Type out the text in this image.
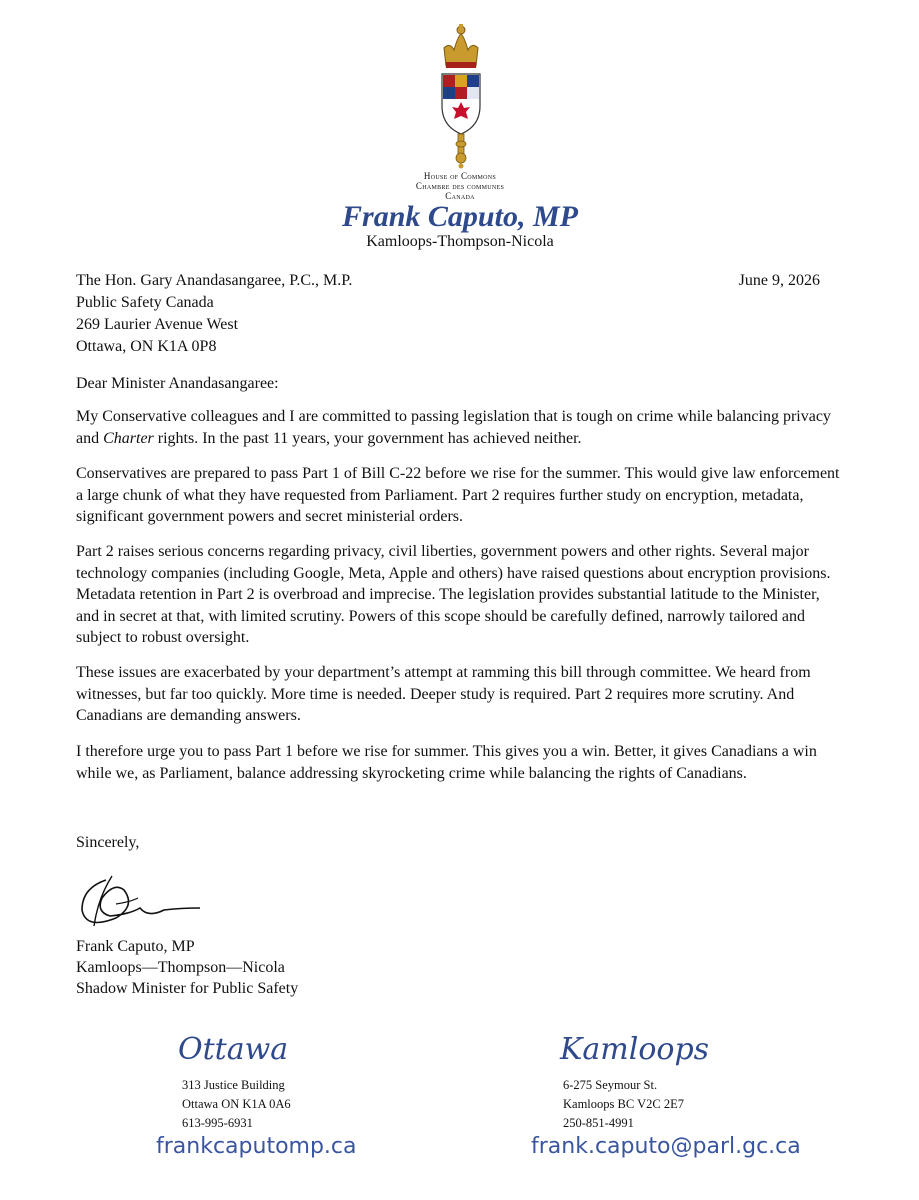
House of Commons
Chambre des communes
Canada
Frank Caputo, MP
Kamloops-Thompson-Nicola
The Hon. Gary Anandasangaree, P.C., M.P.
Public Safety Canada
269 Laurier Avenue West
Ottawa, ON K1A 0P8
June 9, 2026
Dear Minister Anandasangaree:
My Conservative colleagues and I are committed to passing legislation that is tough on crime while balancing privacy and Charter rights. In the past 11 years, your government has achieved neither.
Conservatives are prepared to pass Part 1 of Bill C-22 before we rise for the summer. This would give law enforcement a large chunk of what they have requested from Parliament. Part 2 requires further study on encryption, metadata, significant government powers and secret ministerial orders.
Part 2 raises serious concerns regarding privacy, civil liberties, government powers and other rights. Several major technology companies (including Google, Meta, Apple and others) have raised questions about encryption provisions. Metadata retention in Part 2 is overbroad and imprecise. The legislation provides substantial latitude to the Minister, and in secret at that, with limited scrutiny. Powers of this scope should be carefully defined, narrowly tailored and subject to robust oversight.
These issues are exacerbated by your department’s attempt at ramming this bill through committee. We heard from witnesses, but far too quickly. More time is needed. Deeper study is required. Part 2 requires more scrutiny. And Canadians are demanding answers.
I therefore urge you to pass Part 1 before we rise for summer. This gives you a win. Better, it gives Canadians a win while we, as Parliament, balance addressing skyrocketing crime while balancing the rights of Canadians.
Sincerely,
Frank Caputo, MP
Kamloops—Thompson—Nicola
Shadow Minister for Public Safety
Ottawa
313 Justice Building
Ottawa ON K1A 0A6
613-995-6931
Kamloops
6-275 Seymour St.
Kamloops BC V2C 2E7
250-851-4991
frankcaputomp.ca	frank.caputo@parl.gc.ca
